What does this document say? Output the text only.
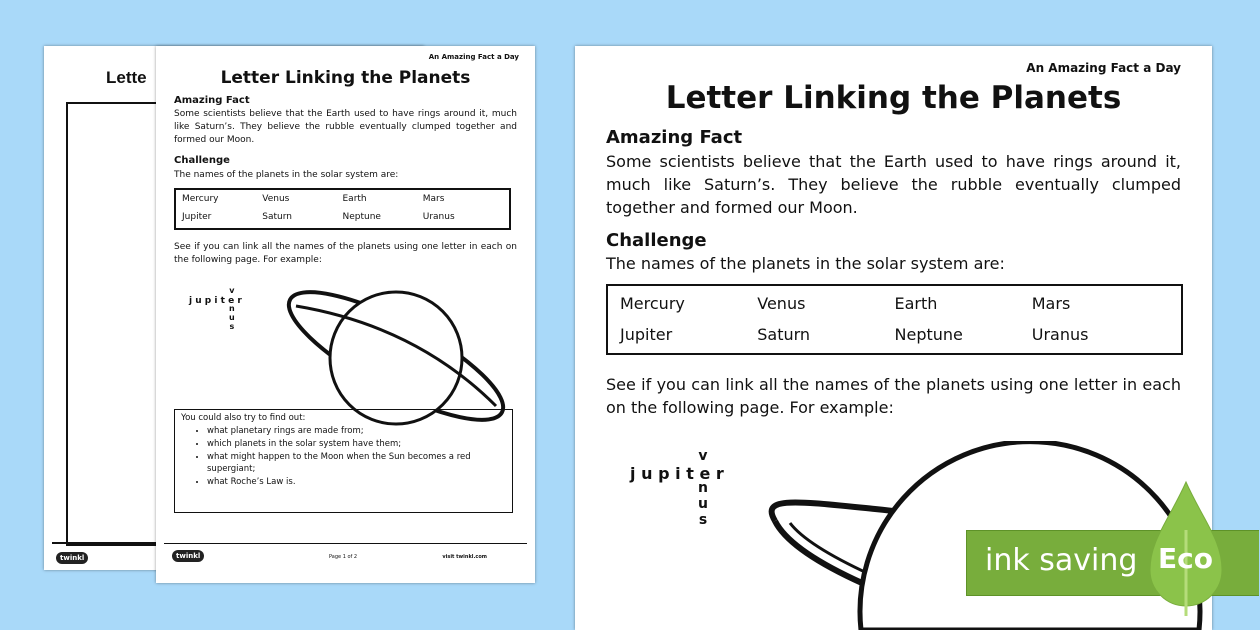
Lette
twinkl
An Amazing Fact a Day
Letter Linking the Planets
Amazing Fact
Some scientists believe that the Earth used to have rings around it, much like Saturn’s. They believe the rubble eventually clumped together and formed our Moon.
Challenge
The names of the planets in the solar system are:
Mercury	Venus	Earth	Mars
Jupiter	Saturn	Neptune	Uranus
See if you can link all the names of the planets using one letter in each on the following page. For example:
jupiter
v
n
u
s
You could also try to find out:
• what planetary rings are made from;
• which planets in the solar system have them;
• what might happen to the Moon when the Sun becomes a red supergiant;
• what Roche’s Law is.
twinkl	Page 1 of 2	visit twinkl.com
An Amazing Fact a Day
Letter Linking the Planets
Amazing Fact
Some scientists believe that the Earth used to have rings around it, much like Saturn’s. They believe the rubble eventually clumped together and formed our Moon.
Challenge
The names of the planets in the solar system are:
Mercury	Venus	Earth	Mars
Jupiter	Saturn	Neptune	Uranus
See if you can link all the names of the planets using one letter in each on the following page. For example:
jupiter
v
n
u
s
ink saving Eco
